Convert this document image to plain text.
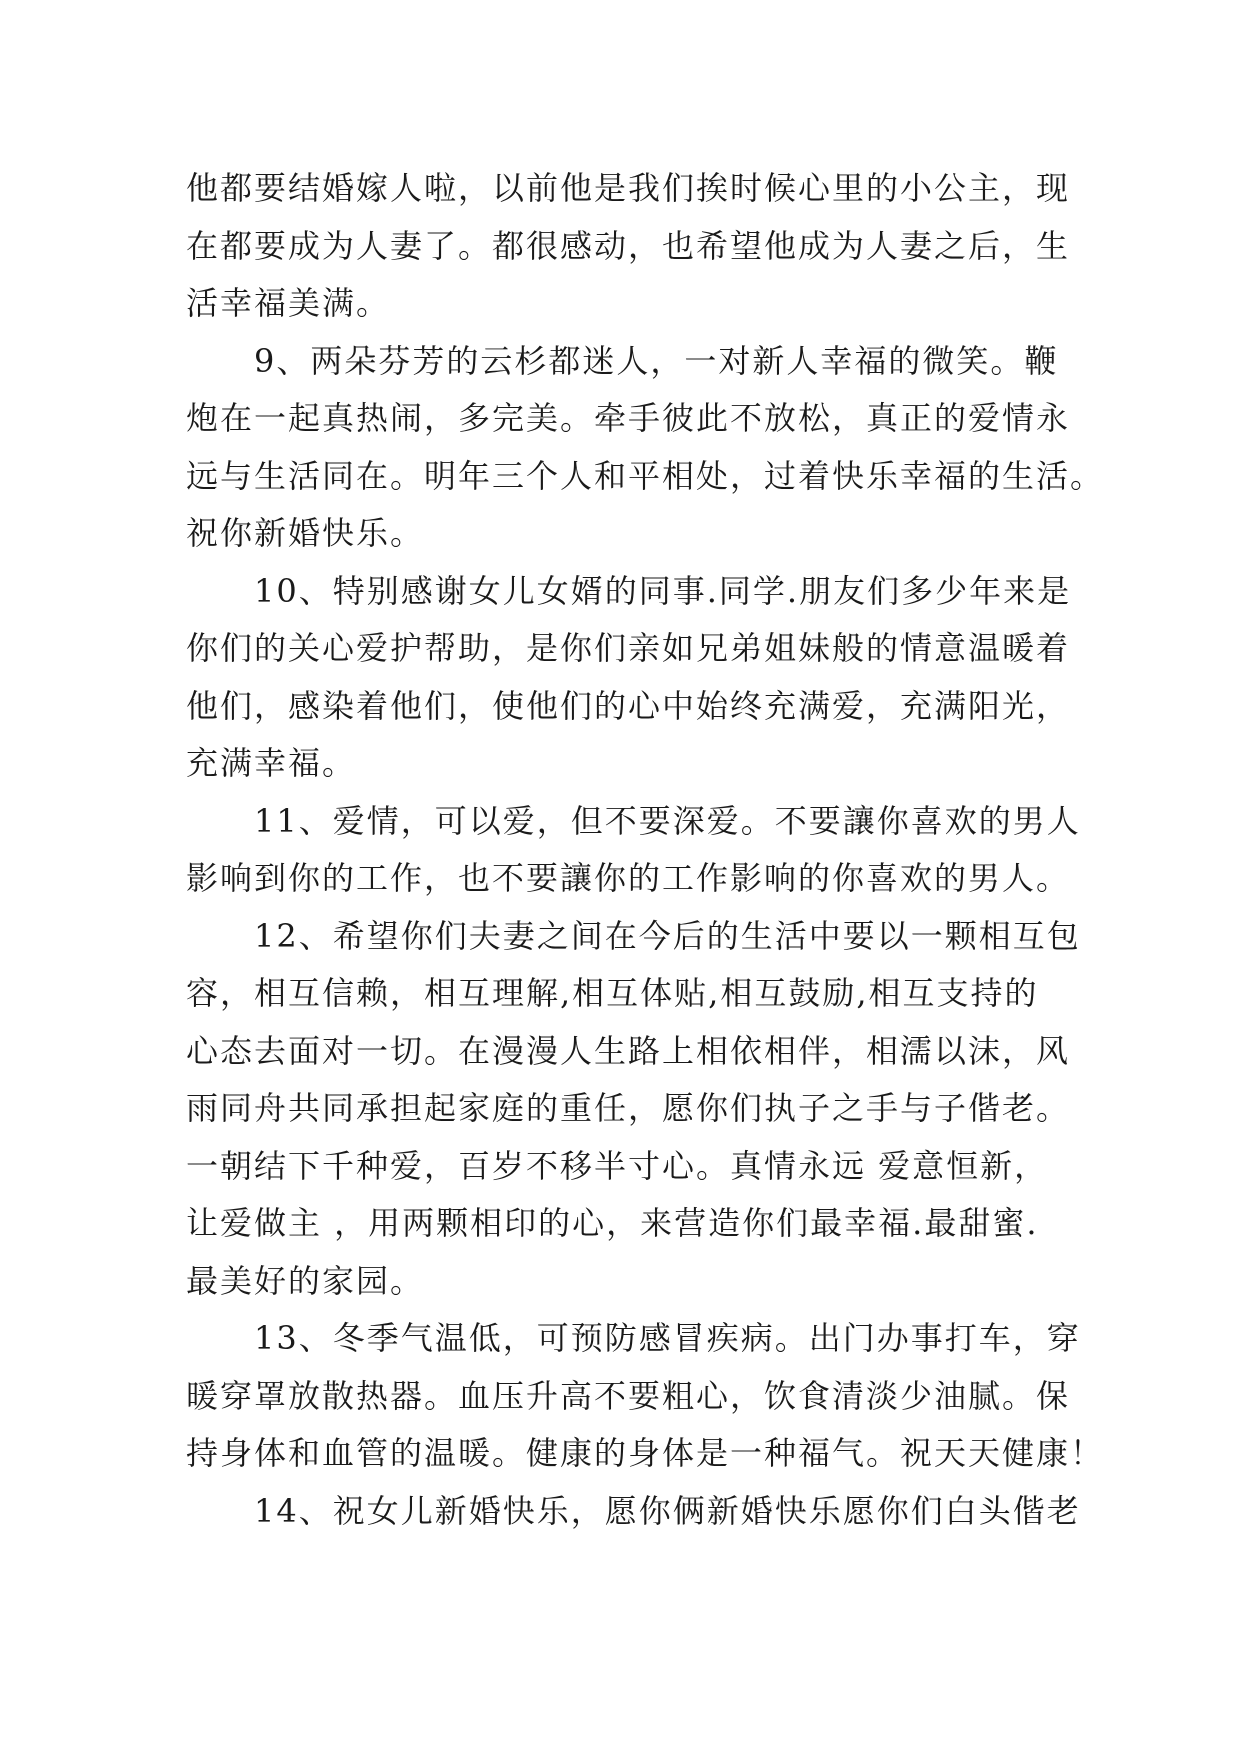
他都要结婚嫁人啦，以前他是我们挨时候心里的小公主，现
在都要成为人妻了。都很感动，也希望他成为人妻之后，生
活幸福美满。
　　9、两朵芬芳的云杉都迷人，一对新人幸福的微笑。鞭
炮在一起真热闹，多完美。牵手彼此不放松，真正的爱情永
远与生活同在。明年三个人和平相处，过着快乐幸福的生活。
祝你新婚快乐。
　　10、特别感谢女儿女婿的同事.同学.朋友们多少年来是
你们的关心爱护帮助，是你们亲如兄弟姐妹般的情意温暖着
他们，感染着他们，使他们的心中始终充满爱，充满阳光，
充满幸福。
　　11、爱情，可以爱，但不要深爱。不要讓你喜欢的男人
影响到你的工作，也不要讓你的工作影响的你喜欢的男人。
　　12、希望你们夫妻之间在今后的生活中要以一颗相互包
容，相互信赖，相互理解,相互体贴,相互鼓励,相互支持的
心态去面对一切。在漫漫人生路上相依相伴，相濡以沫，风
雨同舟共同承担起家庭的重任，愿你们执子之手与子偕老。
一朝结下千种爱，百岁不移半寸心。真情永远 爱意恒新，
让爱做主 ，用两颗相印的心，来营造你们最幸福.最甜蜜.
最美好的家园。
　　13、冬季气温低，可预防感冒疾病。出门办事打车，穿
暖穿罩放散热器。血压升高不要粗心，饮食清淡少油腻。保
持身体和血管的温暖。健康的身体是一种福气。祝天天健康！
　　14、祝女儿新婚快乐，愿你俩新婚快乐愿你们白头偕老
